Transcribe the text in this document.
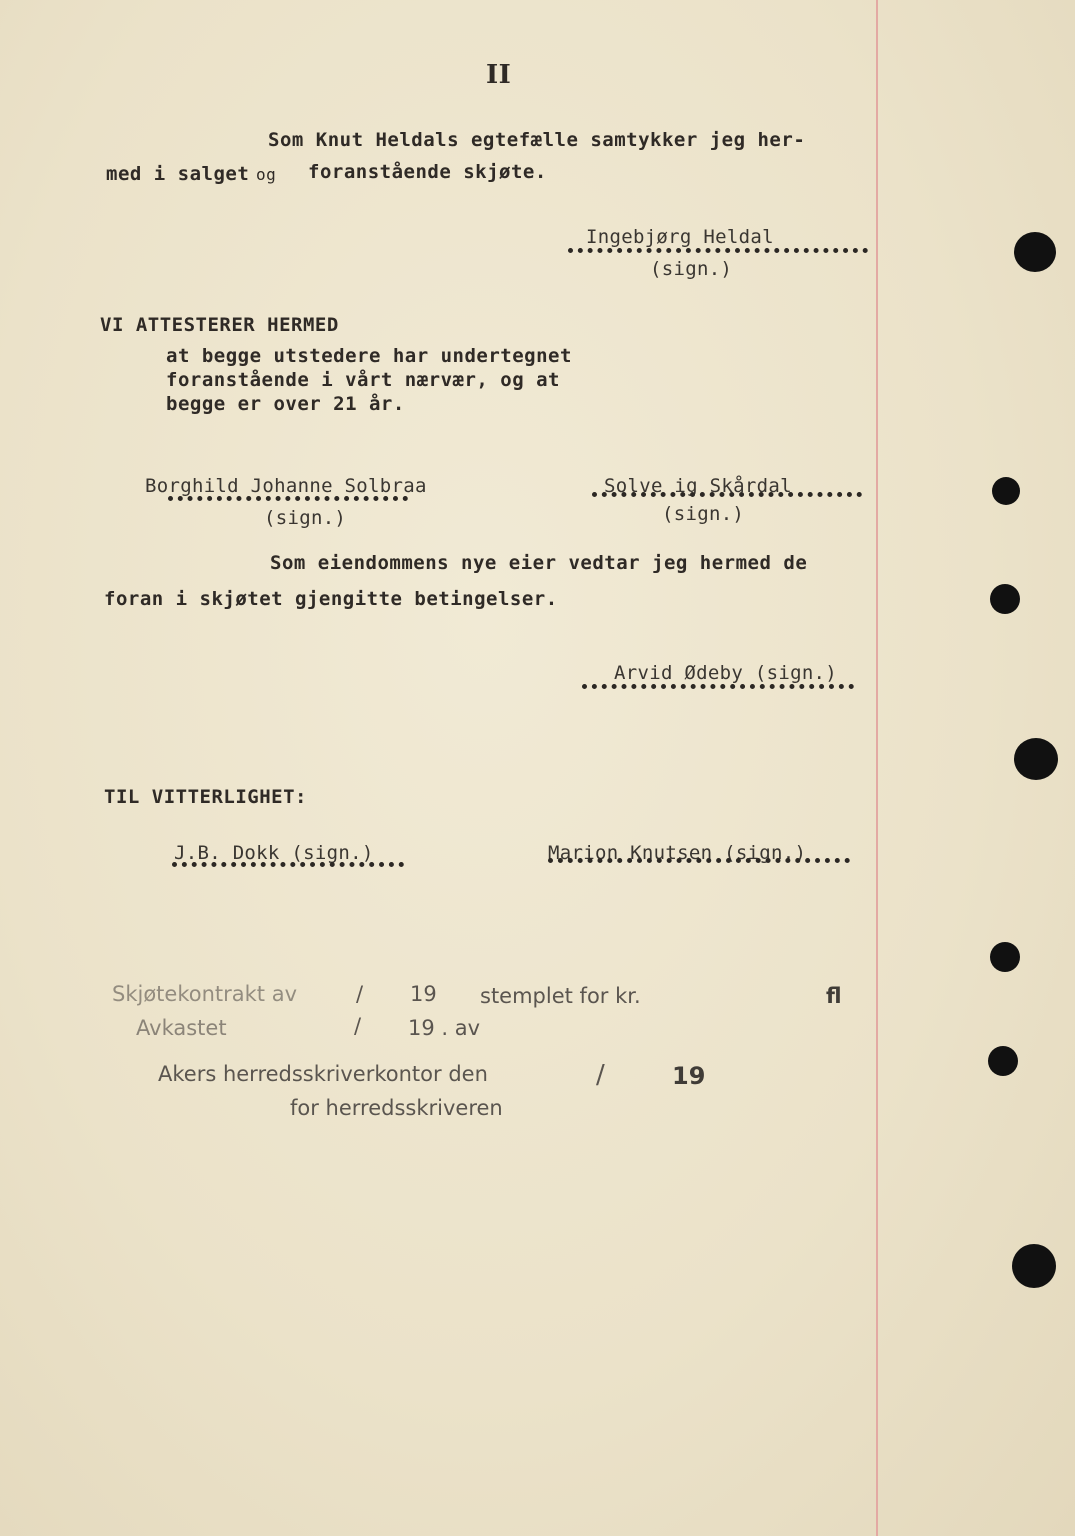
II
Som Knut Heldals egtefælle samtykker jeg her-
med i salget og foranstående skjøte.
Ingebjørg Heldal
(sign.)
VI ATTESTERER HERMED
at begge utstedere har undertegnet
foranstående i vårt nærvær, og at
begge er over 21 år.
Borghild Johanne Solbraa
(sign.)
Solve ig Skårdal
(sign.)
Som eiendommens nye eier vedtar jeg hermed de
foran i skjøtet gjengitte betingelser.
Arvid Ødeby (sign.)
TIL VITTERLIGHET:
J.B. Dokk (sign.)	Marion Knutsen (sign.)
Skjøtekontrakt av	/ 19 stemplet for kr.	fl
Avkastet	/ 19 . av
Akers herredsskriverkontor den	/	19
for herredsskriveren
